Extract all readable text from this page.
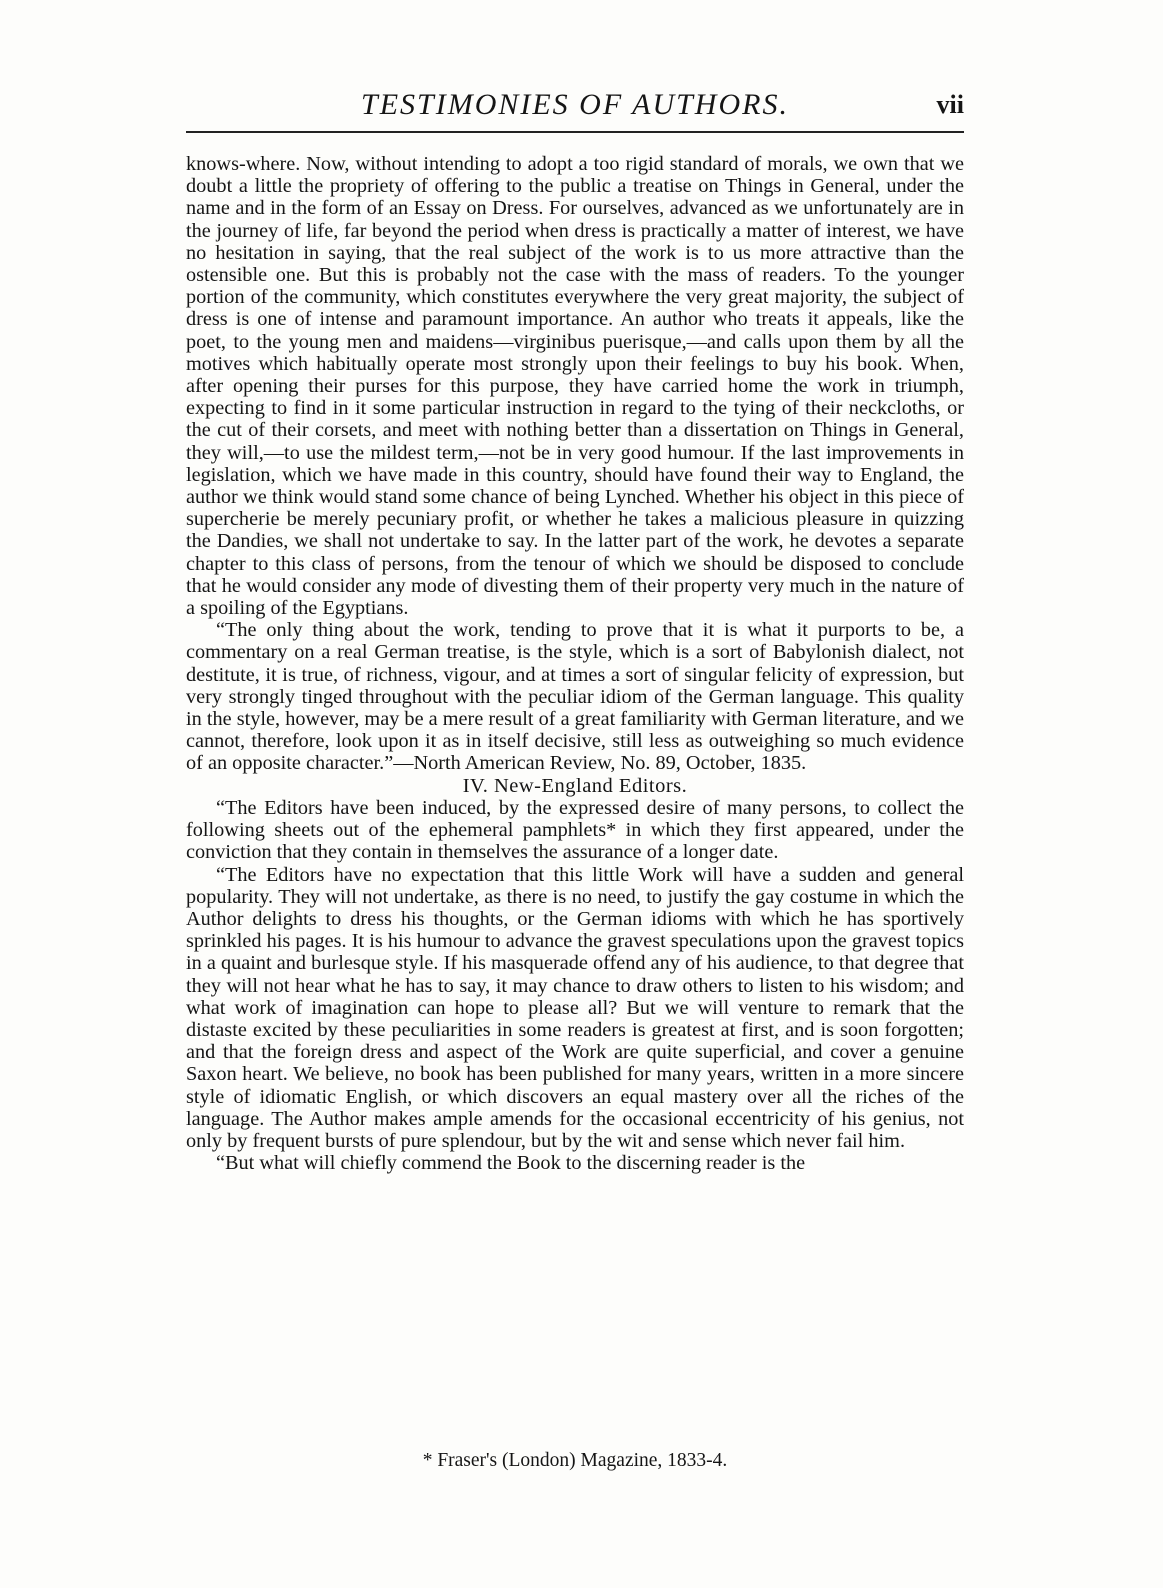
TESTIMONIES OF AUTHORS.	vii

knows-where. Now, without intending to adopt a too rigid standard of morals, we own that we doubt a little the propriety of offering to the public a treatise on Things in General, under the name and in the form of an Essay on Dress. For ourselves, advanced as we unfortunately are in the journey of life, far beyond the period when dress is practically a matter of interest, we have no hesitation in saying, that the real subject of the work is to us more attractive than the ostensible one. But this is probably not the case with the mass of readers. To the younger portion of the community, which constitutes everywhere the very great majority, the subject of dress is one of intense and paramount importance. An author who treats it appeals, like the poet, to the young men and maidens—virginibus puerisque,—and calls upon them by all the motives which habitually operate most strongly upon their feelings to buy his book. When, after opening their purses for this purpose, they have carried home the work in triumph, expecting to find in it some particular instruction in regard to the tying of their neckcloths, or the cut of their corsets, and meet with nothing better than a dissertation on Things in General, they will,—to use the mildest term,—not be in very good humour. If the last improvements in legislation, which we have made in this country, should have found their way to England, the author we think would stand some chance of being Lynched. Whether his object in this piece of supercherie be merely pecuniary profit, or whether he takes a malicious pleasure in quizzing the Dandies, we shall not undertake to say. In the latter part of the work, he devotes a separate chapter to this class of persons, from the tenour of which we should be disposed to conclude that he would consider any mode of divesting them of their property very much in the nature of a spoiling of the Egyptians.

“The only thing about the work, tending to prove that it is what it purports to be, a commentary on a real German treatise, is the style, which is a sort of Babylonish dialect, not destitute, it is true, of richness, vigour, and at times a sort of singular felicity of expression, but very strongly tinged throughout with the peculiar idiom of the German language. This quality in the style, however, may be a mere result of a great familiarity with German literature, and we cannot, therefore, look upon it as in itself decisive, still less as outweighing so much evidence of an opposite character.”—North American Review, No. 89, October, 1835.

IV. New-England Editors.

“The Editors have been induced, by the expressed desire of many persons, to collect the following sheets out of the ephemeral pamphlets* in which they first appeared, under the conviction that they contain in themselves the assurance of a longer date.

“The Editors have no expectation that this little Work will have a sudden and general popularity. They will not undertake, as there is no need, to justify the gay costume in which the Author delights to dress his thoughts, or the German idioms with which he has sportively sprinkled his pages. It is his humour to advance the gravest speculations upon the gravest topics in a quaint and burlesque style. If his masquerade offend any of his audience, to that degree that they will not hear what he has to say, it may chance to draw others to listen to his wisdom; and what work of imagination can hope to please all? But we will venture to remark that the distaste excited by these peculiarities in some readers is greatest at first, and is soon forgotten; and that the foreign dress and aspect of the Work are quite superficial, and cover a genuine Saxon heart. We believe, no book has been published for many years, written in a more sincere style of idiomatic English, or which discovers an equal mastery over all the riches of the language. The Author makes ample amends for the occasional eccentricity of his genius, not only by frequent bursts of pure splendour, but by the wit and sense which never fail him.

“But what will chiefly commend the Book to the discerning reader is the

* Fraser's (London) Magazine, 1833-4.
